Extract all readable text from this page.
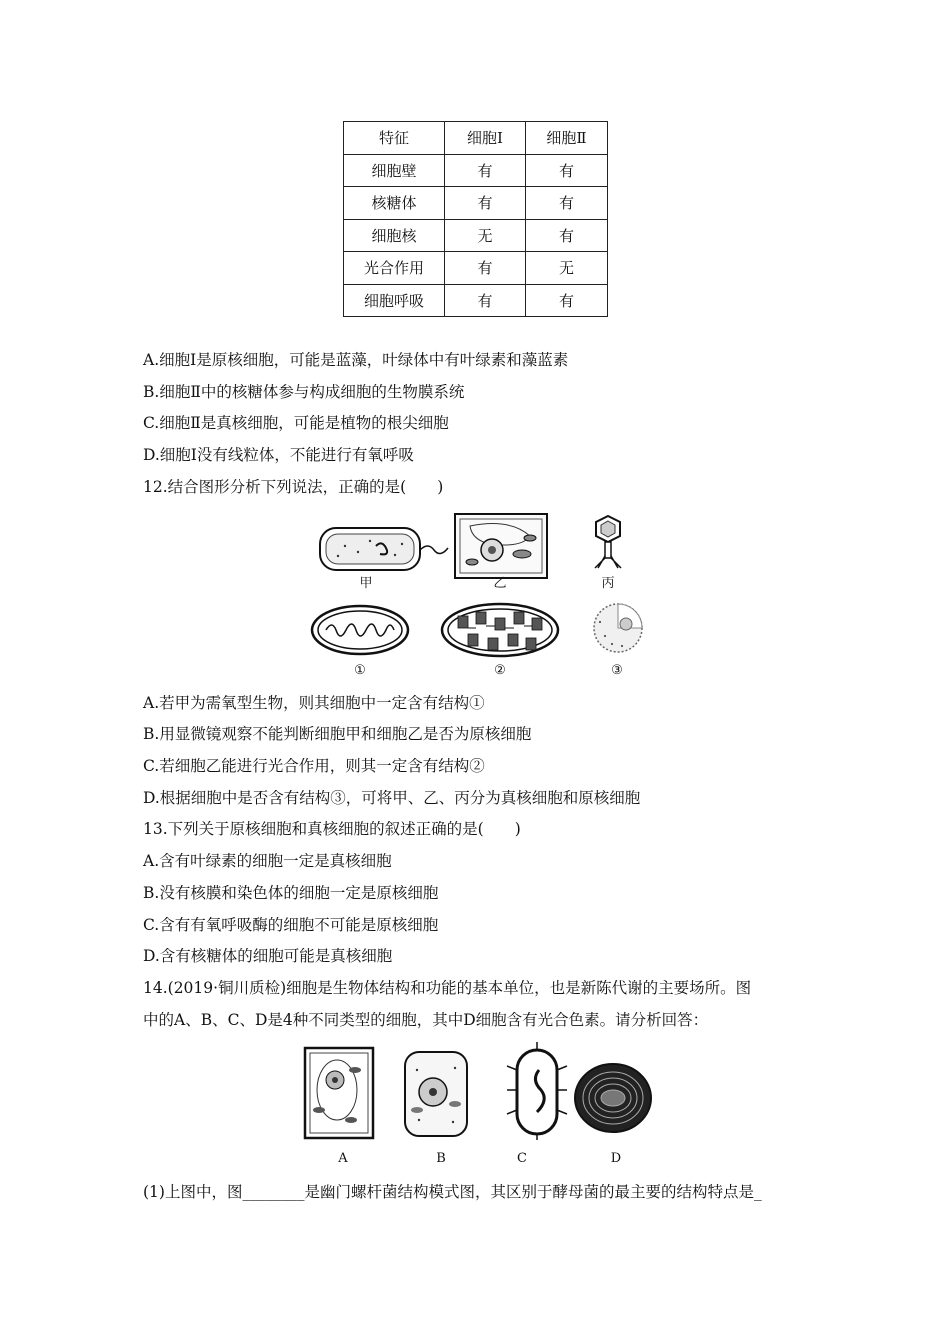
特征	细胞Ⅰ	细胞Ⅱ
细胞壁	有	有
核糖体	有	有
细胞核	无	有
光合作用	有	无
细胞呼吸	有	有
A.细胞Ⅰ是原核细胞，可能是蓝藻，叶绿体中有叶绿素和藻蓝素
B.细胞Ⅱ中的核糖体参与构成细胞的生物膜系统
C.细胞Ⅱ是真核细胞，可能是植物的根尖细胞
D.细胞Ⅰ没有线粒体，不能进行有氧呼吸
12.结合图形分析下列说法，正确的是(　　)
甲	乙	丙
①	②	③
A.若甲为需氧型生物，则其细胞中一定含有结构①
B.用显微镜观察不能判断细胞甲和细胞乙是否为原核细胞
C.若细胞乙能进行光合作用，则其一定含有结构②
D.根据细胞中是否含有结构③，可将甲、乙、丙分为真核细胞和原核细胞
13.下列关于原核细胞和真核细胞的叙述正确的是(　　)
A.含有叶绿素的细胞一定是真核细胞
B.没有核膜和染色体的细胞一定是原核细胞
C.含有有氧呼吸酶的细胞不可能是原核细胞
D.含有核糖体的细胞可能是真核细胞
14.(2019·铜川质检)细胞是生物体结构和功能的基本单位，也是新陈代谢的主要场所。图
中的A、B、C、D是4种不同类型的细胞，其中D细胞含有光合色素。请分析回答：
A	B	C	D
(1)上图中，图________是幽门螺杆菌结构模式图，其区别于酵母菌的最主要的结构特点是_
